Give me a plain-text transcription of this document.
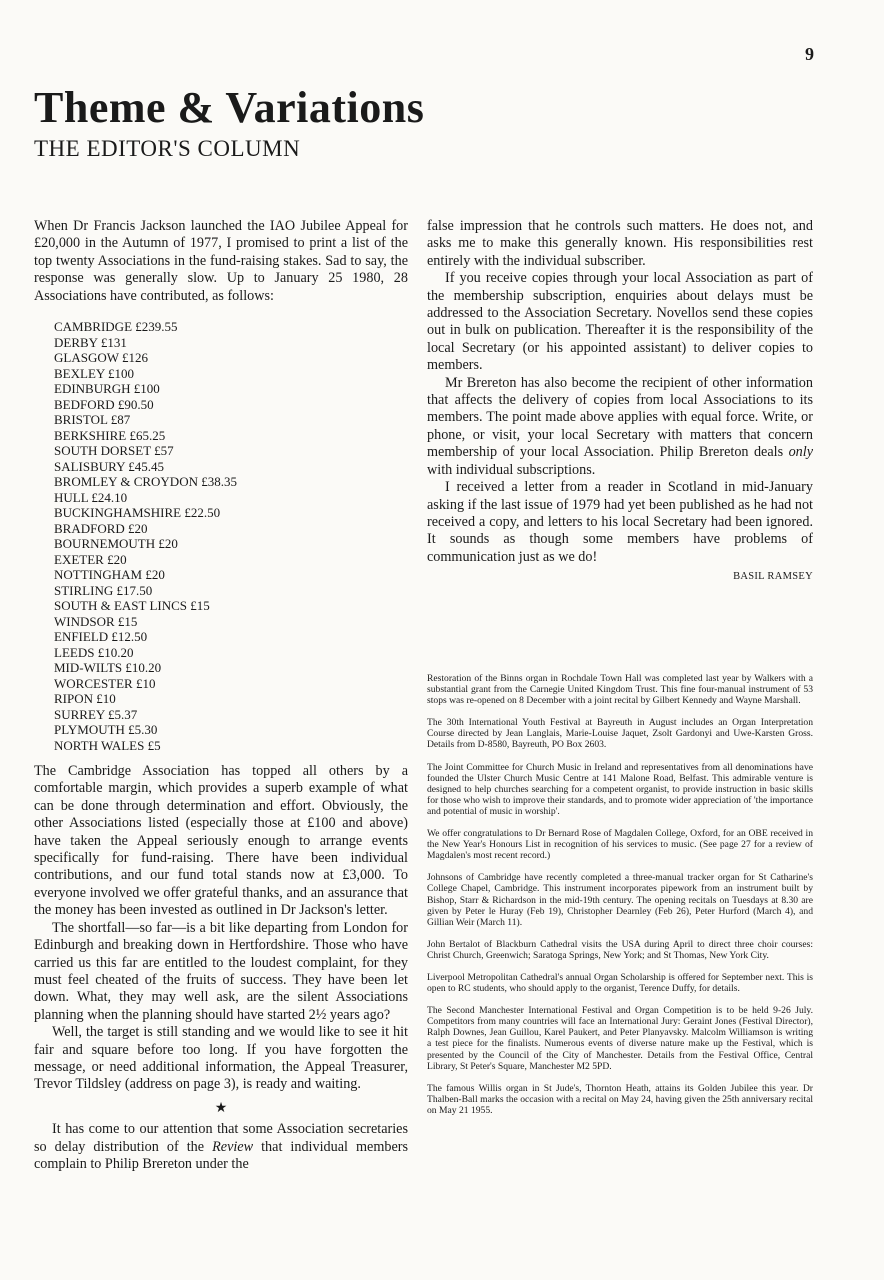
9
Theme & Variations
THE EDITOR'S COLUMN

When Dr Francis Jackson launched the IAO Jubilee Appeal for £20,000 in the Autumn of 1977, I promised to print a list of the top twenty Associations in the fund-raising stakes. Sad to say, the response was generally slow. Up to January 25 1980, 28 Associations have contributed, as follows:

CAMBRIDGE £239.55
DERBY £131
GLASGOW £126
BEXLEY £100
EDINBURGH £100
BEDFORD £90.50
BRISTOL £87
BERKSHIRE £65.25
SOUTH DORSET £57
SALISBURY £45.45
BROMLEY & CROYDON £38.35
HULL £24.10
BUCKINGHAMSHIRE £22.50
BRADFORD £20
BOURNEMOUTH £20
EXETER £20
NOTTINGHAM £20
STIRLING £17.50
SOUTH & EAST LINCS £15
WINDSOR £15
ENFIELD £12.50
LEEDS £10.20
MID-WILTS £10.20
WORCESTER £10
RIPON £10
SURREY £5.37
PLYMOUTH £5.30
NORTH WALES £5

The Cambridge Association has topped all others by a comfortable margin, which provides a superb example of what can be done through determination and effort. Obviously, the other Associations listed (especially those at £100 and above) have taken the Appeal seriously enough to arrange events specifically for fund-raising. There have been individual contributions, and our fund total stands now at £3,000. To everyone involved we offer grateful thanks, and an assurance that the money has been invested as outlined in Dr Jackson's letter.

The shortfall—so far—is a bit like departing from London for Edinburgh and breaking down in Hertfordshire. Those who have carried us this far are entitled to the loudest complaint, for they must feel cheated of the fruits of success. They have been let down. What, they may well ask, are the silent Associations planning when the planning should have started 2½ years ago?

Well, the target is still standing and we would like to see it hit fair and square before too long. If you have forgotten the message, or need additional information, the Appeal Treasurer, Trevor Tildsley (address on page 3), is ready and waiting.

★

It has come to our attention that some Association secretaries so delay distribution of the Review that individual members complain to Philip Brereton under the

false impression that he controls such matters. He does not, and asks me to make this generally known. His responsibilities rest entirely with the individual subscriber.

If you receive copies through your local Association as part of the membership subscription, enquiries about delays must be addressed to the Association Secretary. Novellos send these copies out in bulk on publication. Thereafter it is the responsibility of the local Secretary (or his appointed assistant) to deliver copies to members.

Mr Brereton has also become the recipient of other information that affects the delivery of copies from local Associations to its members. The point made above applies with equal force. Write, or phone, or visit, your local Secretary with matters that concern membership of your local Association. Philip Brereton deals only with individual subscriptions.

I received a letter from a reader in Scotland in mid-January asking if the last issue of 1979 had yet been published as he had not received a copy, and letters to his local Secretary had been ignored. It sounds as though some members have problems of communication just as we do!

BASIL RAMSEY

Restoration of the Binns organ in Rochdale Town Hall was completed last year by Walkers with a substantial grant from the Carnegie United Kingdom Trust. This fine four-manual instrument of 53 stops was re-opened on 8 December with a joint recital by Gilbert Kennedy and Wayne Marshall.

The 30th International Youth Festival at Bayreuth in August includes an Organ Interpretation Course directed by Jean Langlais, Marie-Louise Jaquet, Zsolt Gardonyi and Uwe-Karsten Gross. Details from D-8580, Bayreuth, PO Box 2603.

The Joint Committee for Church Music in Ireland and representatives from all denominations have founded the Ulster Church Music Centre at 141 Malone Road, Belfast. This admirable venture is designed to help churches searching for a competent organist, to provide instruction in basic skills for those who wish to improve their standards, and to promote wider appreciation of 'the importance and potential of music in worship'.

We offer congratulations to Dr Bernard Rose of Magdalen College, Oxford, for an OBE received in the New Year's Honours List in recognition of his services to music. (See page 27 for a review of Magdalen's most recent record.)

Johnsons of Cambridge have recently completed a three-manual tracker organ for St Catharine's College Chapel, Cambridge. This instrument incorporates pipework from an instrument built by Bishop, Starr & Richardson in the mid-19th century. The opening recitals on Tuesdays at 8.30 are given by Peter le Huray (Feb 19), Christopher Dearnley (Feb 26), Peter Hurford (March 4), and Gillian Weir (March 11).

John Bertalot of Blackburn Cathedral visits the USA during April to direct three choir courses: Christ Church, Greenwich; Saratoga Springs, New York; and St Thomas, New York City.

Liverpool Metropolitan Cathedral's annual Organ Scholarship is offered for September next. This is open to RC students, who should apply to the organist, Terence Duffy, for details.

The Second Manchester International Festival and Organ Competition is to be held 9-26 July. Competitors from many countries will face an International Jury: Geraint Jones (Festival Director), Ralph Downes, Jean Guillou, Karel Paukert, and Peter Planyavsky. Malcolm Williamson is writing a test piece for the finalists. Numerous events of diverse nature make up the Festival, which is presented by the Council of the City of Manchester. Details from the Festival Office, Central Library, St Peter's Square, Manchester M2 5PD.

The famous Willis organ in St Jude's, Thornton Heath, attains its Golden Jubilee this year. Dr Thalben-Ball marks the occasion with a recital on May 24, having given the 25th anniversary recital on May 21 1955.
